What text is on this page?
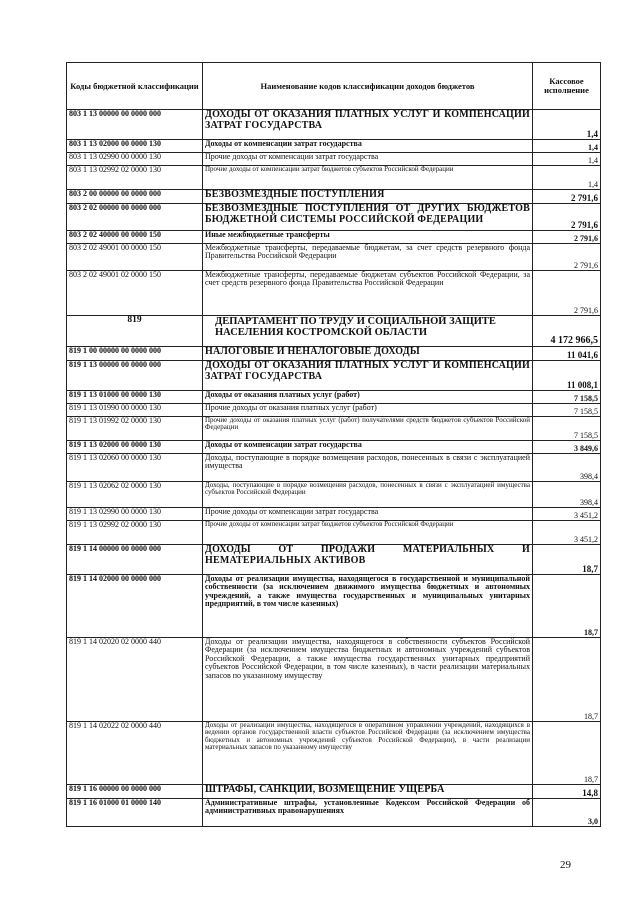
Коды бюджетной классификации	Наименование кодов классификации доходов бюджетов	Кассовое исполнение
803 1 13 00000 00 0000 000	ДОХОДЫ ОТ ОКАЗАНИЯ ПЛАТНЫХ УСЛУГ И КОМПЕНСАЦИИ ЗАТРАТ ГОСУДАРСТВА	1,4
803 1 13 02000 00 0000 130	Доходы от компенсации затрат государства	1,4
803 1 13 02990 00 0000 130	Прочие доходы от компенсации затрат государства	1,4
803 1 13 02992 02 0000 130	Прочие доходы от компенсации затрат бюджетов субъектов Российской Федерации	1,4
803 2 00 00000 00 0000 000	БЕЗВОЗМЕЗДНЫЕ ПОСТУПЛЕНИЯ	2 791,6
803 2 02 00000 00 0000 000	БЕЗВОЗМЕЗДНЫЕ ПОСТУПЛЕНИЯ ОТ ДРУГИХ БЮДЖЕТОВ БЮДЖЕТНОЙ СИСТЕМЫ РОССИЙСКОЙ ФЕДЕРАЦИИ	2 791,6
803 2 02 40000 00 0000 150	Иные межбюджетные трансферты	2 791,6
803 2 02 49001 00 0000 150	Межбюджетные трансферты, передаваемые бюджетам, за счет средств резервного фонда Правительства Российской Федерации	2 791,6
803 2 02 49001 02 0000 150	Межбюджетные трансферты, передаваемые бюджетам субъектов Российской Федерации, за счет средств резервного фонда Правительства Российской Федерации	2 791,6
819	ДЕПАРТАМЕНТ ПО ТРУДУ И СОЦИАЛЬНОЙ ЗАЩИТЕ НАСЕЛЕНИЯ КОСТРОМСКОЙ ОБЛАСТИ	4 172 966,5
819 1 00 00000 00 0000 000	НАЛОГОВЫЕ И НЕНАЛОГОВЫЕ ДОХОДЫ	11 041,6
819 1 13 00000 00 0000 000	ДОХОДЫ ОТ ОКАЗАНИЯ ПЛАТНЫХ УСЛУГ И КОМПЕНСАЦИИ ЗАТРАТ ГОСУДАРСТВА	11 008,1
819 1 13 01000 00 0000 130	Доходы от оказания платных услуг (работ)	7 158,5
819 1 13 01990 00 0000 130	Прочие доходы от оказания платных услуг (работ)	7 158,5
819 1 13 01992 02 0000 130	Прочие доходы от оказания платных услуг (работ) получателями средств бюджетов субъектов Российской Федерации	7 158,5
819 1 13 02000 00 0000 130	Доходы от компенсации затрат государства	3 849,6
819 1 13 02060 00 0000 130	Доходы, поступающие в порядке возмещения расходов, понесенных в связи с эксплуатацией имущества	398,4
819 1 13 02062 02 0000 130	Доходы, поступающие в порядке возмещения расходов, понесенных в связи с эксплуатацией имущества субъектов Российской Федерации	398,4
819 1 13 02990 00 0000 130	Прочие доходы от компенсации затрат государства	3 451,2
819 1 13 02992 02 0000 130	Прочие доходы от компенсации затрат бюджетов субъектов Российской Федерации	3 451,2
819 1 14 00000 00 0000 000	ДОХОДЫ ОТ ПРОДАЖИ МАТЕРИАЛЬНЫХ И НЕМАТЕРИАЛЬНЫХ АКТИВОВ	18,7
819 1 14 02000 00 0000 000	Доходы от реализации имущества, находящегося в государственной и муниципальной собственности (за исключением движимого имущества бюджетных и автономных учреждений, а также имущества государственных и муниципальных унитарных предприятий, в том числе казенных)	18,7
819 1 14 02020 02 0000 440	Доходы от реализации имущества, находящегося в собственности субъектов Российской Федерации (за исключением имущества бюджетных и автономных учреждений субъектов Российской Федерации, а также имущества государственных унитарных предприятий субъектов Российской Федерации, в том числе казенных), в части реализации материальных запасов по указанному имуществу	18,7
819 1 14 02022 02 0000 440	Доходы от реализации имущества, находящегося в оперативном управлении учреждений, находящихся в ведении органов государственной власти субъектов Российской Федерации (за исключением имущества бюджетных и автономных учреждений субъектов Российской Федерации), в части реализации материальных запасов по указанному имуществу	18,7
819 1 16 00000 00 0000 000	ШТРАФЫ, САНКЦИИ, ВОЗМЕЩЕНИЕ УЩЕРБА	14,8
819 1 16 01000 01 0000 140	Административные штрафы, установленные Кодексом Российской Федерации об административных правонарушениях	3,0
29
